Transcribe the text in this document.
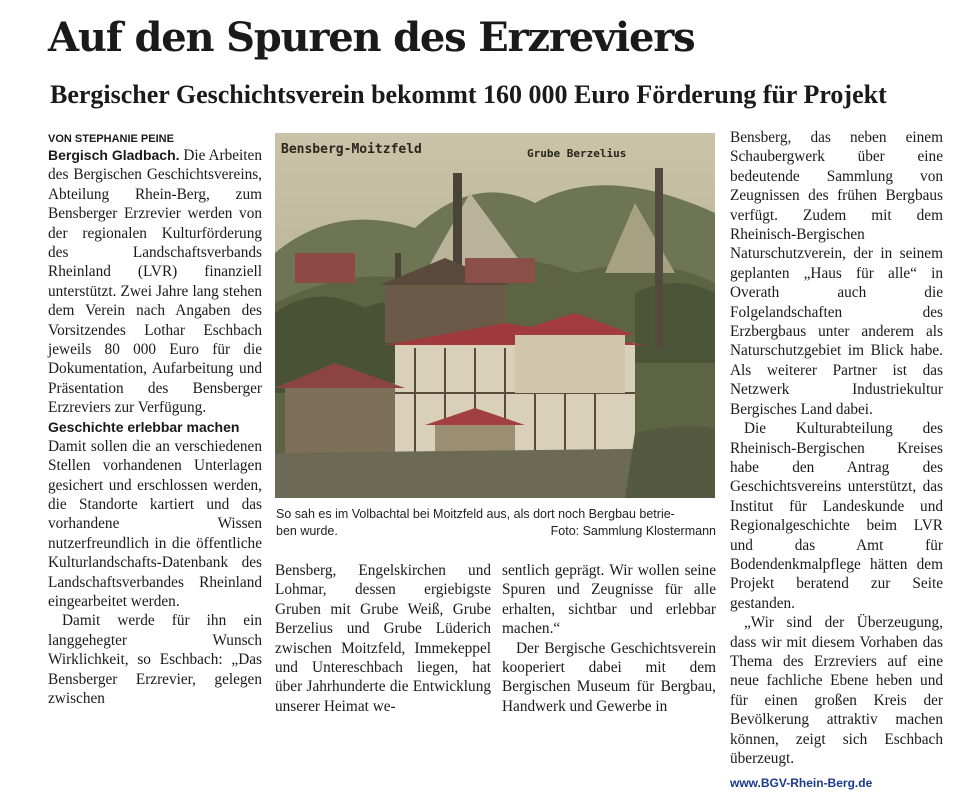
Auf den Spuren des Erzreviers
Bergischer Geschichtsverein bekommt 160 000 Euro Förderung für Projekt

VON STEPHANIE PEINE

Bergisch Gladbach. Die Arbeiten des Bergischen Geschichtsvereins, Abteilung Rhein-Berg, zum Bensberger Erzrevier werden von der regionalen Kulturförderung des Landschaftsverbands Rheinland (LVR) finanziell unterstützt. Zwei Jahre lang stehen dem Verein nach Angaben des Vorsitzendes Lothar Eschbach jeweils 80 000 Euro für die Dokumentation, Aufarbeitung und Präsentation des Bensberger Erzreviers zur Verfügung.

Geschichte erlebbar machen

Damit sollen die an verschiedenen Stellen vorhandenen Unterlagen gesichert und erschlossen werden, die Standorte kartiert und das vorhandene Wissen nutzerfreundlich in die öffentliche Kulturlandschafts-Datenbank des Landschaftsverbandes Rheinland eingearbeitet werden.

Damit werde für ihn ein langgehegter Wunsch Wirklichkeit, so Eschbach: „Das Bensberger Erzrevier, gelegen zwischen

Bensberg-Moitzfeld	Grube Berzelius
So sah es im Volbachtal bei Moitzfeld aus, als dort noch Bergbau betrie-
ben wurde.	Foto: Sammlung Klostermann

Bensberg, Engelskirchen und Lohmar, dessen ergiebigste Gruben mit Grube Weiß, Grube Berzelius und Grube Lüderich zwischen Moitzfeld, Immekeppel und Untereschbach liegen, hat über Jahrhunderte die Entwicklung unserer Heimat we-

sentlich geprägt. Wir wollen seine Spuren und Zeugnisse für alle erhalten, sichtbar und erlebbar machen.“

Der Bergische Geschichtsverein kooperiert dabei mit dem Bergischen Museum für Bergbau, Handwerk und Gewerbe in

Bensberg, das neben einem Schaubergwerk über eine bedeutende Sammlung von Zeugnissen des frühen Bergbaus verfügt. Zudem mit dem Rheinisch-Bergischen Naturschutzverein, der in seinem geplanten „Haus für alle“ in Overath auch die Folgelandschaften des Erzbergbaus unter anderem als Naturschutzgebiet im Blick habe. Als weiterer Partner ist das Netzwerk Industriekultur Bergisches Land dabei.

Die Kulturabteilung des Rheinisch-Bergischen Kreises habe den Antrag des Geschichtsvereins unterstützt, das Institut für Landeskunde und Regionalgeschichte beim LVR und das Amt für Bodendenkmalpflege hätten dem Projekt beratend zur Seite gestanden.

„Wir sind der Überzeugung, dass wir mit diesem Vorhaben das Thema des Erzreviers auf eine neue fachliche Ebene heben und für einen großen Kreis der Bevölkerung attraktiv machen können, zeigt sich Eschbach überzeugt.

www.BGV-Rhein-Berg.de
